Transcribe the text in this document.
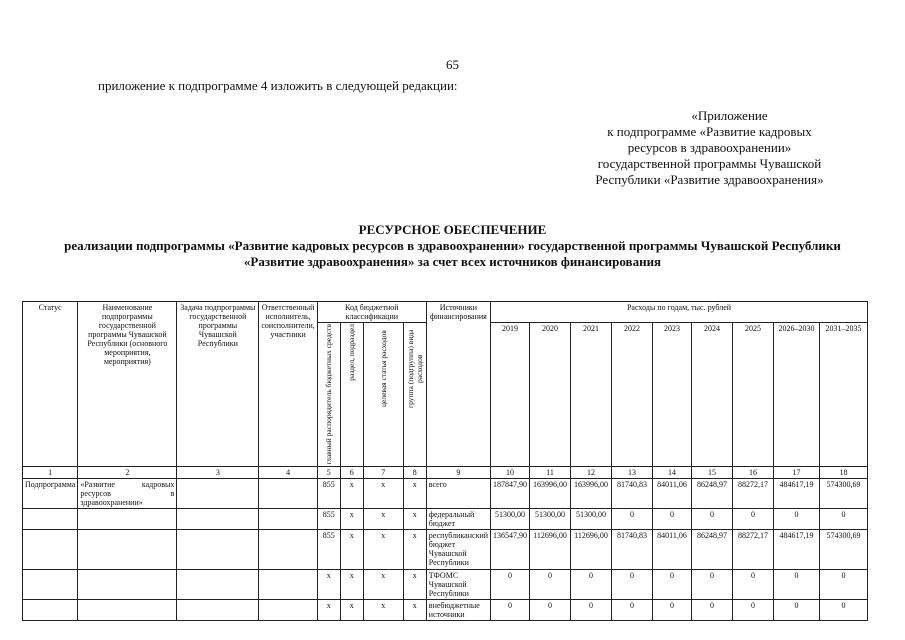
65
приложение к подпрограмме 4 изложить в следующей редакции:
«Приложение
к подпрограмме «Развитие кадровых ресурсов в здравоохранении» государственной программы Чувашской Республики «Развитие здравоохранения»
РЕСУРСНОЕ ОБЕСПЕЧЕНИЕ
реализации подпрограммы «Развитие кадровых ресурсов в здравоохранении» государственной программы Чувашской Республики «Развитие здравоохранения» за счет всех источников финансирования
Статус	Наименование подпрограммы государственной программы Чувашской Республики (основного мероприятия, мероприятия)	Задача подпрограммы государственной программы Чувашской Республики	Ответственный исполнитель, соисполнители, участники	Код бюджетной классификации				Источники финансирования	Расходы по годам, тыс. рублей								

				главный распорядитель бюджетных средств	раздел, подраздел	целевая статья расходов	группа (подгруппа) вида расходов		2019	2020	2021	2022	2023	2024	2025	2026–2030	2031–2035
1	2	3	4	5	6	7	8	9	10	11	12	13	14	15	16	17	18
Подпрограмма	«Развитие кадровых ресурсов в здравоохранении»			855	х	х	х	всего	187847,90	163996,00	163996,00	81740,83	84011,06	86248,97	88272,17	484617,19	574300,69
				855	х	х	х	федеральный бюджет	51300,00	51300,00	51300,00	0	0	0	0	0	0
				855	х	х	х	республиканский бюджет Чувашской Республики	136547,90	112696,00	112696,00	81740,83	84011,06	86248,97	88272,17	484617,19	574300,69
				х	х	х	х	ТФОМС Чувашской Республики	0	0	0	0	0	0	0	0	0
				х	х	х	х	внебюджетные источники	0	0	0	0	0	0	0	0	0
